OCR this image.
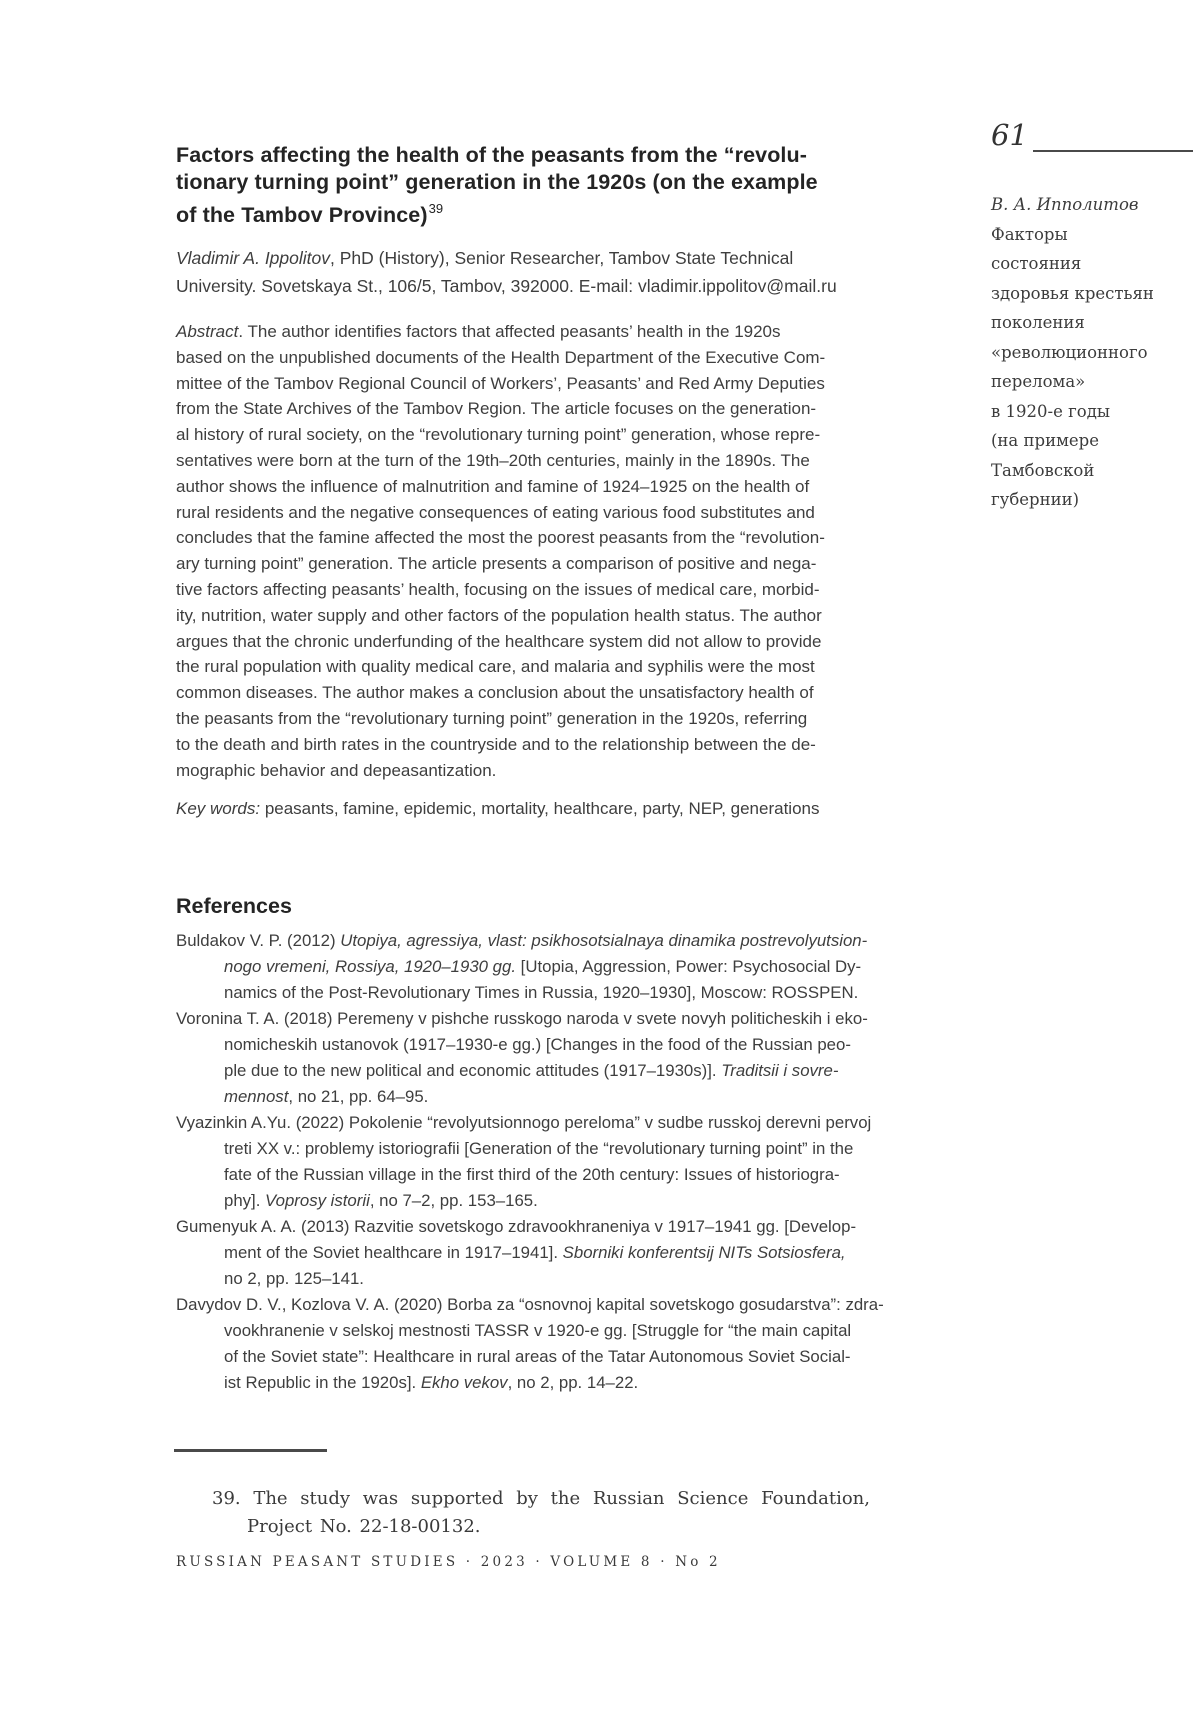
Factors affecting the health of the peasants from the “revolu-
tionary turning point” generation in the 1920s (on the example
of the Tambov Province)$^{39}$

Vladimir A. Ippolitov, PhD (History), Senior Researcher, Tambov State Technical
University. Sovetskaya St., 106/5, Tambov, 392000. E-mail: vladimir.ippolitov@mail.ru

Abstract. The author identifies factors that affected peasants’ health in the 1920s
based on the unpublished documents of the Health Department of the Executive Com-
mittee of the Tambov Regional Council of Workers’, Peasants’ and Red Army Deputies
from the State Archives of the Tambov Region. The article focuses on the generation-
al history of rural society, on the “revolutionary turning point” generation, whose repre-
sentatives were born at the turn of the 19th–20th centuries, mainly in the 1890s. The
author shows the influence of malnutrition and famine of 1924–1925 on the health of
rural residents and the negative consequences of eating various food substitutes and
concludes that the famine affected the most the poorest peasants from the “revolution-
ary turning point” generation. The article presents a comparison of positive and nega-
tive factors affecting peasants’ health, focusing on the issues of medical care, morbid-
ity, nutrition, water supply and other factors of the population health status. The author
argues that the chronic underfunding of the healthcare system did not allow to provide
the rural population with quality medical care, and malaria and syphilis were the most
common diseases. The author makes a conclusion about the unsatisfactory health of
the peasants from the “revolutionary turning point” generation in the 1920s, referring
to the death and birth rates in the countryside and to the relationship between the de-
mographic behavior and depeasantization.

Key words: peasants, famine, epidemic, mortality, healthcare, party, NEP, generations

References
Buldakov V. P. (2012) Utopiya, agressiya, vlast: psikhosotsialnaya dinamika postrevolyutsion-
nogo vremeni, Rossiya, 1920–1930 gg. [Utopia, Aggression, Power: Psychosocial Dy-
namics of the Post-Revolutionary Times in Russia, 1920–1930], Moscow: ROSSPEN.
Voronina T. A. (2018) Peremeny v pishche russkogo naroda v svete novyh politicheskih i eko-
nomicheskih ustanovok (1917–1930-e gg.) [Changes in the food of the Russian peo-
ple due to the new political and economic attitudes (1917–1930s)]. Traditsii i sovre-
mennost, no 21, pp. 64–95.
Vyazinkin A.Yu. (2022) Pokolenie “revolyutsionnogo pereloma” v sudbe russkoj derevni pervoj
treti XX v.: problemy istoriografii [Generation of the “revolutionary turning point” in the
fate of the Russian village in the first third of the 20th century: Issues of historiogra-
phy]. Voprosy istorii, no 7–2, pp. 153–165.
Gumenyuk A. A. (2013) Razvitie sovetskogo zdravookhraneniya v 1917–1941 gg. [Develop-
ment of the Soviet healthcare in 1917–1941]. Sborniki konferentsij NITs Sotsiosfera,
no 2, pp. 125–141.
Davydov D. V., Kozlova V. A. (2020) Borba za “osnovnoj kapital sovetskogo gosudarstva”: zdra-
vookhranenie v selskoj mestnosti TASSR v 1920-e gg. [Struggle for “the main capital
of the Soviet state”: Healthcare in rural areas of the Tatar Autonomous Soviet Social-
ist Republic in the 1920s]. Ekho vekov, no 2, pp. 14–22.
61
В. А. Ипполитов
Факторы
состояния
здоровья крестьян
поколения
«революционного
перелома»
в 1920-е годы
(на примере
Тамбовской
губернии)

39. The study was supported by the Russian Science Foundation, Project No. 22-18-00132.

RUSSIAN PEASANT STUDIES · 2023 · VOLUME 8 · No 2
